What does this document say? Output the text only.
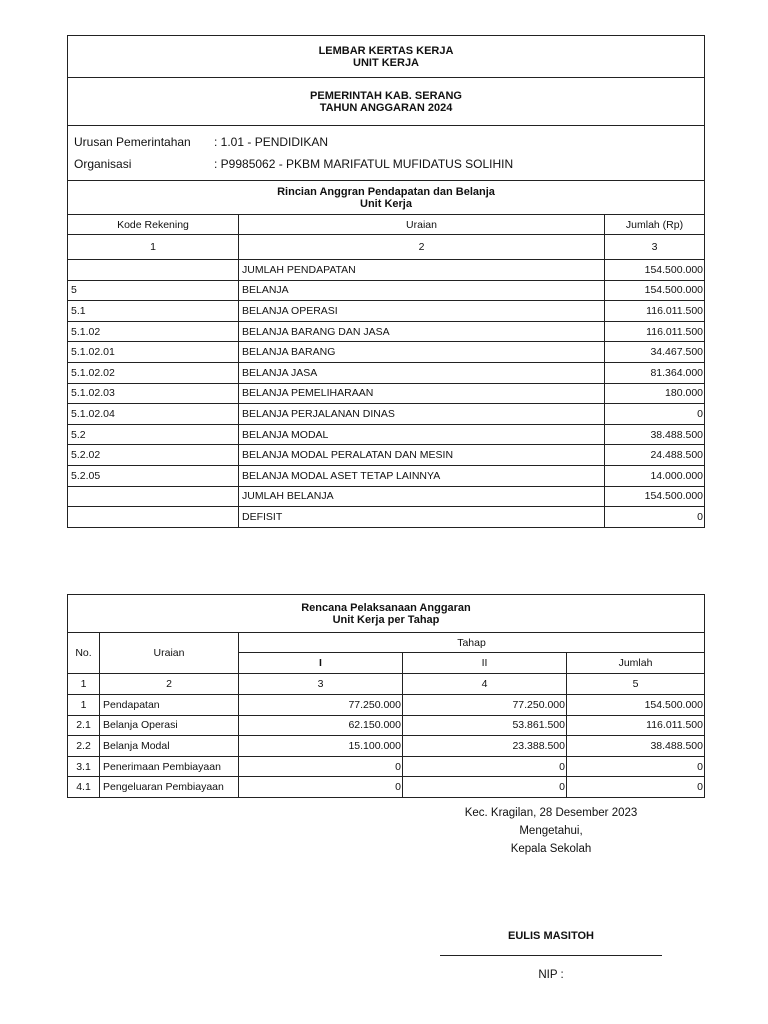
LEMBAR KERTAS KERJA
UNIT KERJA		

PEMERINTAH KAB. SERANG
TAHUN ANGGARAN 2024		

Urusan Pemerintahan : 1.01 - PENDIDIKAN
Organisasi : P9985062 - PKBM MARIFATUL MUFIDATUS SOLIHIN		

Rincian Anggran Pendapatan dan Belanja
Unit Kerja		

Kode Rekening	Uraian	Jumlah (Rp)
1	2	3
	JUMLAH PENDAPATAN	154.500.000
5	BELANJA	154.500.000
5.1	BELANJA OPERASI	116.011.500
5.1.02	BELANJA BARANG DAN JASA	116.011.500
5.1.02.01	BELANJA BARANG	34.467.500
5.1.02.02	BELANJA JASA	81.364.000
5.1.02.03	BELANJA PEMELIHARAAN	180.000
5.1.02.04	BELANJA PERJALANAN DINAS	0
5.2	BELANJA MODAL	38.488.500
5.2.02	BELANJA MODAL PERALATAN DAN MESIN	24.488.500
5.2.05	BELANJA MODAL ASET TETAP LAINNYA	14.000.000
	JUMLAH BELANJA	154.500.000
	DEFISIT	0
Rencana Pelaksanaan Anggaran
Unit Kerja per Tahap				

No.	Uraian	Tahap		
		I	II	Jumlah
1	2	3	4	5
1	Pendapatan	77.250.000	77.250.000	154.500.000
2.1	Belanja Operasi	62.150.000	53.861.500	116.011.500
2.2	Belanja Modal	15.100.000	23.388.500	38.488.500
3.1	Penerimaan Pembiayaan	0	0	0
4.1	Pengeluaran Pembiayaan	0	0	0
Kec. Kragilan, 28 Desember 2023
Mengetahui,
Kepala Sekolah
EULIS MASITOH
NIP :
